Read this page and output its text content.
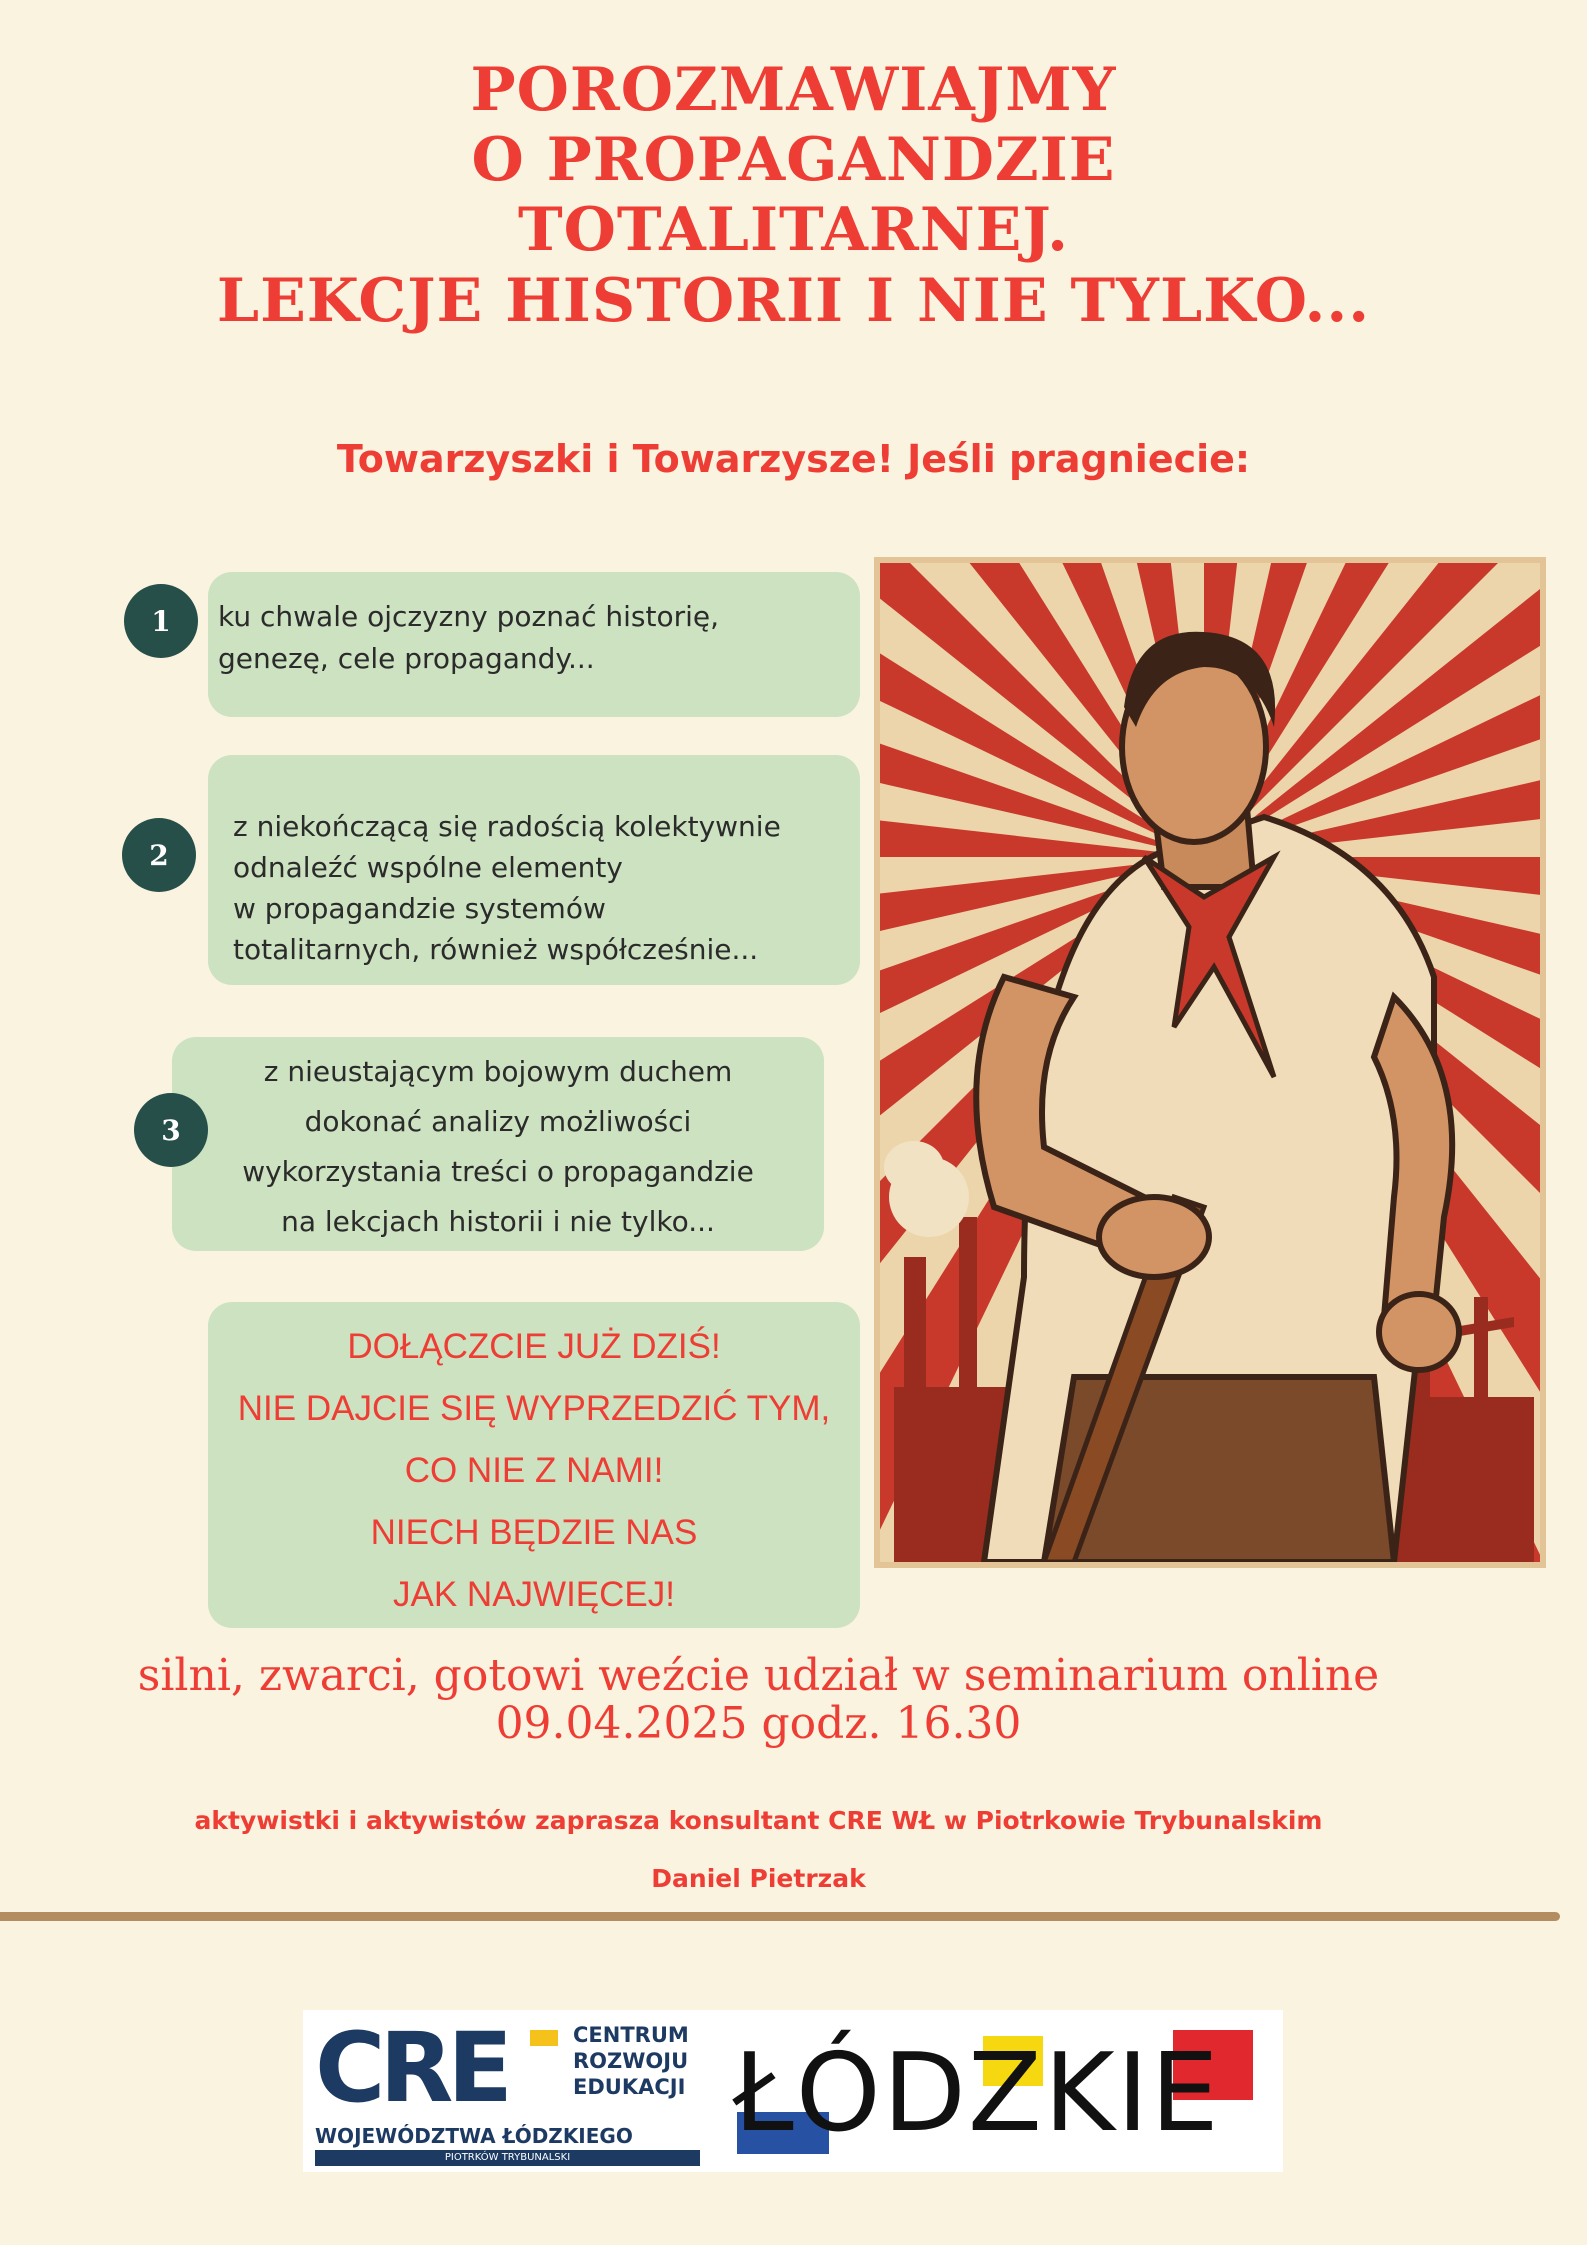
POROZMAWIAJMY
O PROPAGANDZIE
TOTALITARNEJ.
LEKCJE HISTORII I NIE TYLKO...
Towarzyszki i Towarzysze! Jeśli pragniecie:
1	ku chwale ojczyzny poznać historię,
genezę, cele propagandy...
2
z niekończącą się radością kolektywnie
odnaleźć wspólne elementy
w propagandzie systemów
totalitarnych, również współcześnie...
3
z nieustającym bojowym duchem
dokonać analizy możliwości
wykorzystania treści o propagandzie
na lekcjach historii i nie tylko...
DOŁĄCZCIE JUŻ DZIŚ!
NIE DAJCIE SIĘ WYPRZEDZIĆ TYM,
CO NIE Z NAMI!
NIECH BĘDZIE NAS
JAK NAJWIĘCEJ!
silni, zwarci, gotowi weźcie udział w seminarium online
09.04.2025 godz. 16.30
aktywistki i aktywistów zaprasza konsultant CRE WŁ w Piotrkowie Trybunalskim
Daniel Pietrzak
CRE	CENTRUM
ROZWOJU
EDUKACJI
WOJEWÓDZTWA ŁÓDZKIEGO
PIOTRKÓW TRYBUNALSKI
ŁÓDZKIE
